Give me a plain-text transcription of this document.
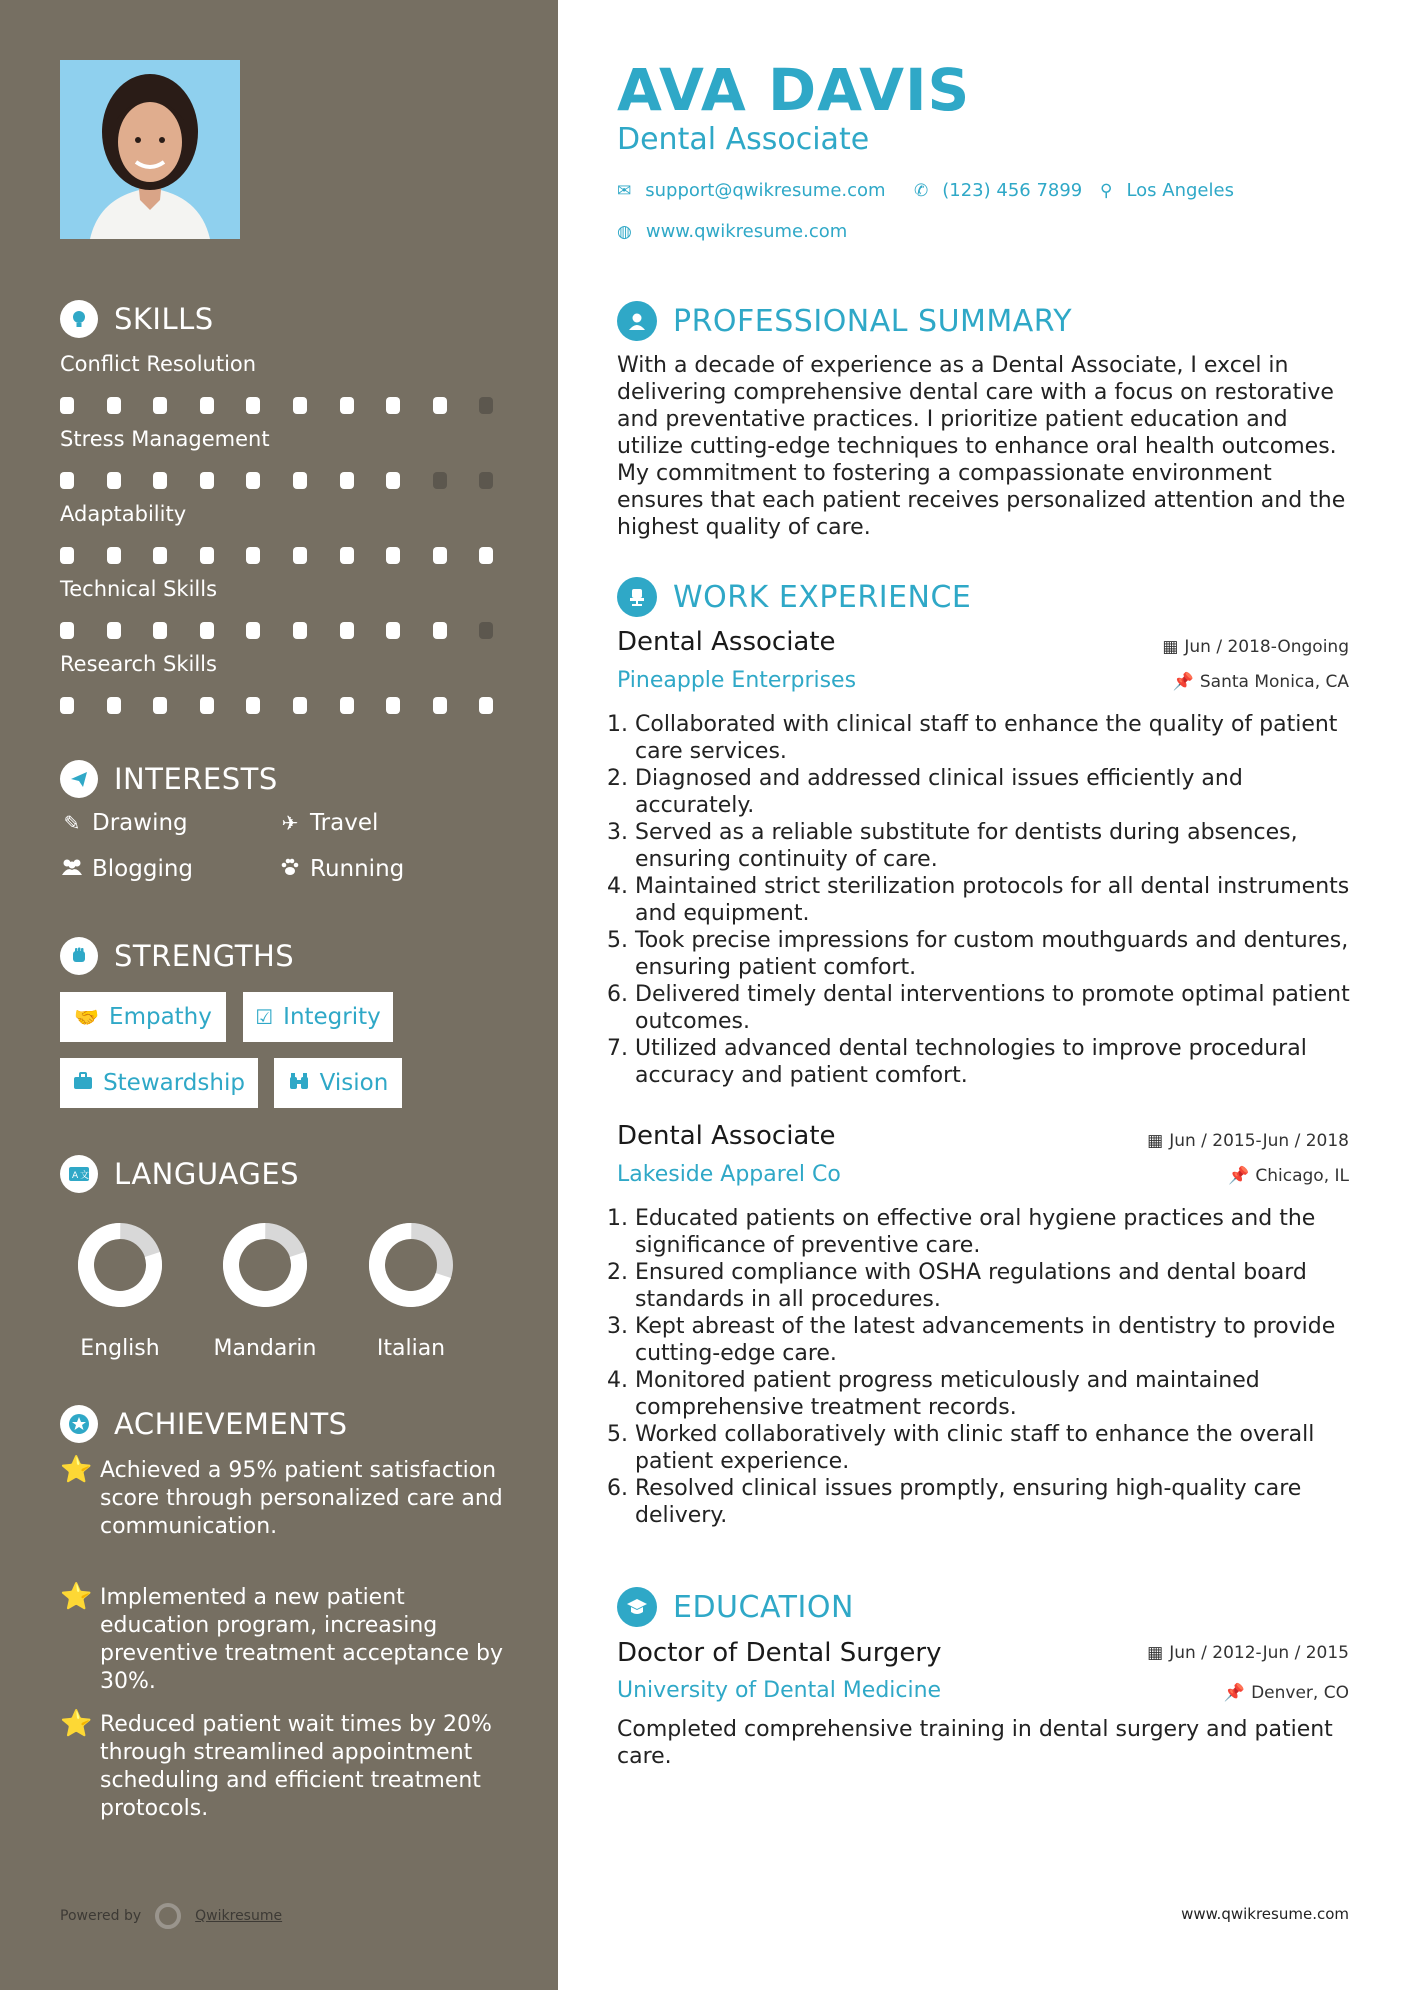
SKILLS
Conflict Resolution
Stress Management
Adaptability
Technical Skills
Research Skills
INTERESTS
✎ Drawing	✈ Travel
Blogging	Running
STRENGTHS
🤝 Empathy ☑ Integrity
Stewardship	Vision
A 文 LANGUAGES
English	Mandarin	Italian
ACHIEVEMENTS
⭐ Achieved a 95% patient satisfaction score through personalized care and communication.
⭐ Implemented a new patient education program, increasing preventive treatment acceptance by 30%.
⭐ Reduced patient wait times by 20% through streamlined appointment scheduling and efficient treatment protocols.
Powered by	Qwikresume
AVA DAVIS
Dental Associate
✉ support@qwikresume.com ✆ (123) 456 7899 ⚲ Los Angeles
◍ www.qwikresume.com
PROFESSIONAL SUMMARY
With a decade of experience as a Dental Associate, I excel in delivering comprehensive dental care with a focus on restorative and preventative practices. I prioritize patient education and utilize cutting-edge techniques to enhance oral health outcomes. My commitment to fostering a compassionate environment ensures that each patient receives personalized attention and the highest quality of care.
WORK EXPERIENCE
Dental Associate	▦ Jun / 2018-Ongoing
Pineapple Enterprises	📌 Santa Monica, CA
1. Collaborated with clinical staff to enhance the quality of patient care services.
2. Diagnosed and addressed clinical issues efficiently and accurately.
3. Served as a reliable substitute for dentists during absences, ensuring continuity of care.
4. Maintained strict sterilization protocols for all dental instruments and equipment.
5. Took precise impressions for custom mouthguards and dentures, ensuring patient comfort.
6. Delivered timely dental interventions to promote optimal patient outcomes.
7. Utilized advanced dental technologies to improve procedural accuracy and patient comfort.
Dental Associate	▦ Jun / 2015-Jun / 2018
Lakeside Apparel Co	📌 Chicago, IL
1. Educated patients on effective oral hygiene practices and the significance of preventive care.
2. Ensured compliance with OSHA regulations and dental board standards in all procedures.
3. Kept abreast of the latest advancements in dentistry to provide cutting-edge care.
4. Monitored patient progress meticulously and maintained comprehensive treatment records.
5. Worked collaboratively with clinic staff to enhance the overall patient experience.
6. Resolved clinical issues promptly, ensuring high-quality care delivery.
EDUCATION
Doctor of Dental Surgery	▦ Jun / 2012-Jun / 2015
University of Dental Medicine	📌 Denver, CO
Completed comprehensive training in dental surgery and patient care.
www.qwikresume.com
